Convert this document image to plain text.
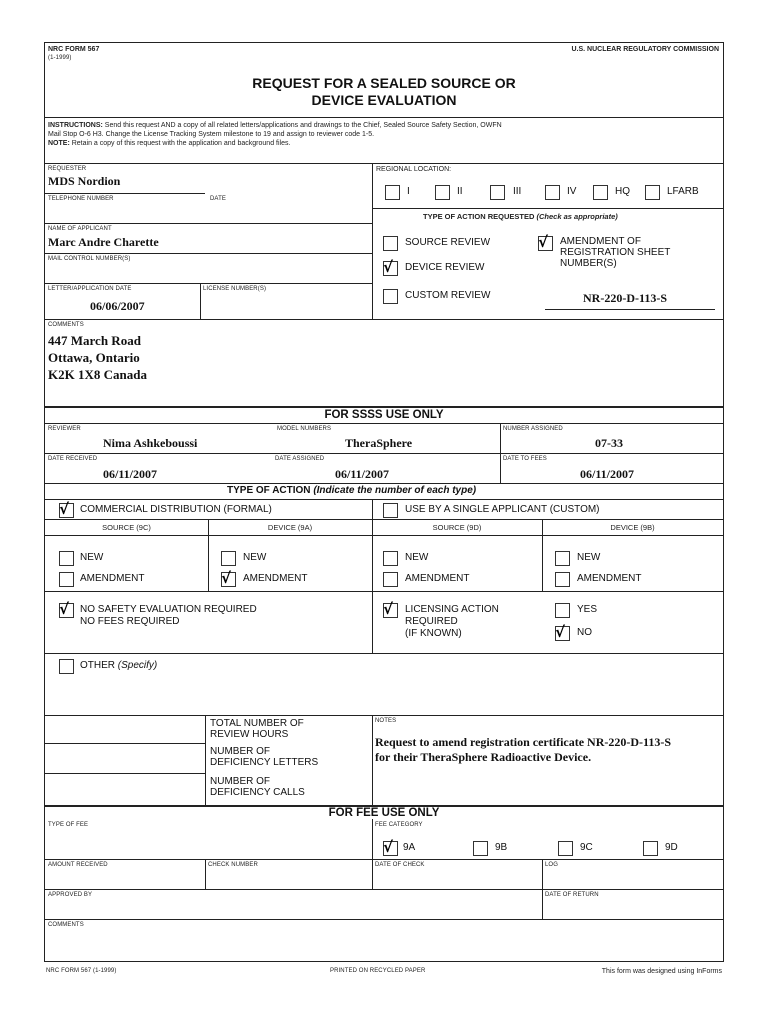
NRC FORM 567
(1-1999)
U.S. NUCLEAR REGULATORY COMMISSION
REQUEST FOR A SEALED SOURCE OR
DEVICE EVALUATION
INSTRUCTIONS: Send this request AND a copy of all related letters/applications and drawings to the Chief, Sealed Source Safety Section, OWFN
Mail Stop O-6 H3. Change the License Tracking System milestone to 19 and assign to reviewer code 1-5.
NOTE: Retain a copy of this request with the application and background files.
REQUESTER
MDS Nordion
TELEPHONE NUMBER	DATE
NAME OF APPLICANT
Marc Andre Charette
MAIL CONTROL NUMBER(S)
LETTER/APPLICATION DATE
06/06/2007
LICENSE NUMBER(S)
REGIONAL LOCATION:
I	II	III	IV	HQ	LFARB
TYPE OF ACTION REQUESTED (Check as appropriate)
SOURCE REVIEW
√ DEVICE REVIEW
CUSTOM REVIEW
√ AMENDMENT OF
REGISTRATION SHEET
NUMBER(S)
NR-220-D-113-S
COMMENTS
447 March Road
Ottawa, Ontario
K2K 1X8 Canada
FOR SSSS USE ONLY
REVIEWER
Nima Ashkeboussi
MODEL NUMBERS
TheraSphere
NUMBER ASSIGNED
07-33
DATE RECEIVED
06/11/2007
DATE ASSIGNED
06/11/2007
DATE TO FEES
06/11/2007
TYPE OF ACTION (Indicate the number of each type)
√ COMMERCIAL DISTRIBUTION (FORMAL)	USE BY A SINGLE APPLICANT (CUSTOM)
SOURCE (9C)	DEVICE (9A)	SOURCE (9D)	DEVICE (9B)
NEW	NEW	NEW	NEW
AMENDMENT	√ AMENDMENT	AMENDMENT	AMENDMENT
√ NO SAFETY EVALUATION REQUIRED
NO FEES REQUIRED
√ LICENSING ACTION
REQUIRED
(IF KNOWN)
YES
√ NO
OTHER (Specify)
TOTAL NUMBER OF
REVIEW HOURS
NUMBER OF
DEFICIENCY LETTERS
NUMBER OF
DEFICIENCY CALLS
NOTES
Request to amend registration certificate NR-220-D-113-S
for their TheraSphere Radioactive Device.
FOR FEE USE ONLY
TYPE OF FEE	FEE CATEGORY
√ 9A	9B	9C	9D
AMOUNT RECEIVED	CHECK NUMBER	DATE OF CHECK	LOG
APPROVED BY	DATE OF RETURN
COMMENTS
NRC FORM 567 (1-1999)	PRINTED ON RECYCLED PAPER	This form was designed using InForms
